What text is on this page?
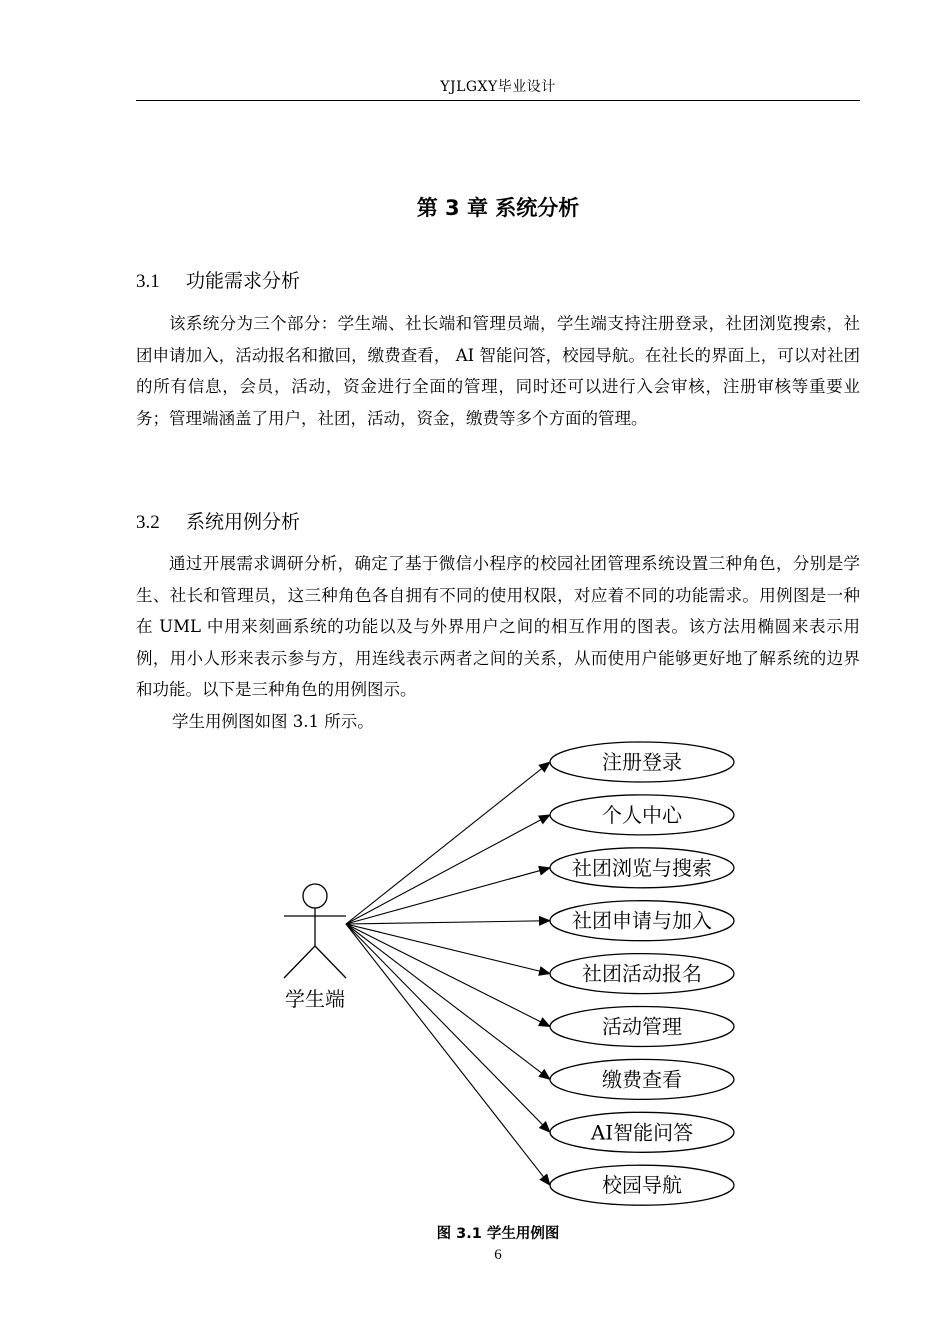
YJLGXY毕业设计
第 3 章 系统分析
3.1 功能需求分析

该系统分为三个部分：学生端、社长端和管理员端，学生端支持注册登录，社团浏览搜索，社团申请加入，活动报名和撤回，缴费查看， AI 智能问答，校园导航。在社长的界面上，可以对社团的所有信息，会员，活动，资金进行全面的管理，同时还可以进行入会审核，注册审核等重要业务；管理端涵盖了用户，社团，活动，资金，缴费等多个方面的管理。

3.2 系统用例分析

通过开展需求调研分析，确定了基于微信小程序的校园社团管理系统设置三种角色，分别是学生、社长和管理员，这三种角色各自拥有不同的使用权限，对应着不同的功能需求。用例图是一种在 UML 中用来刻画系统的功能以及与外界用户之间的相互作用的图表。该方法用椭圆来表示用例，用小人形来表示参与方，用连线表示两者之间的关系，从而使用户能够更好地了解系统的边界和功能。以下是三种角色的用例图示。

学生用例图如图 3.1 所示。
学生端
注册登录
个人中心
社团浏览与搜索
社团申请与加入
社团活动报名
活动管理
缴费查看
AI智能问答
校园导航
图 3.1 学生用例图
6
